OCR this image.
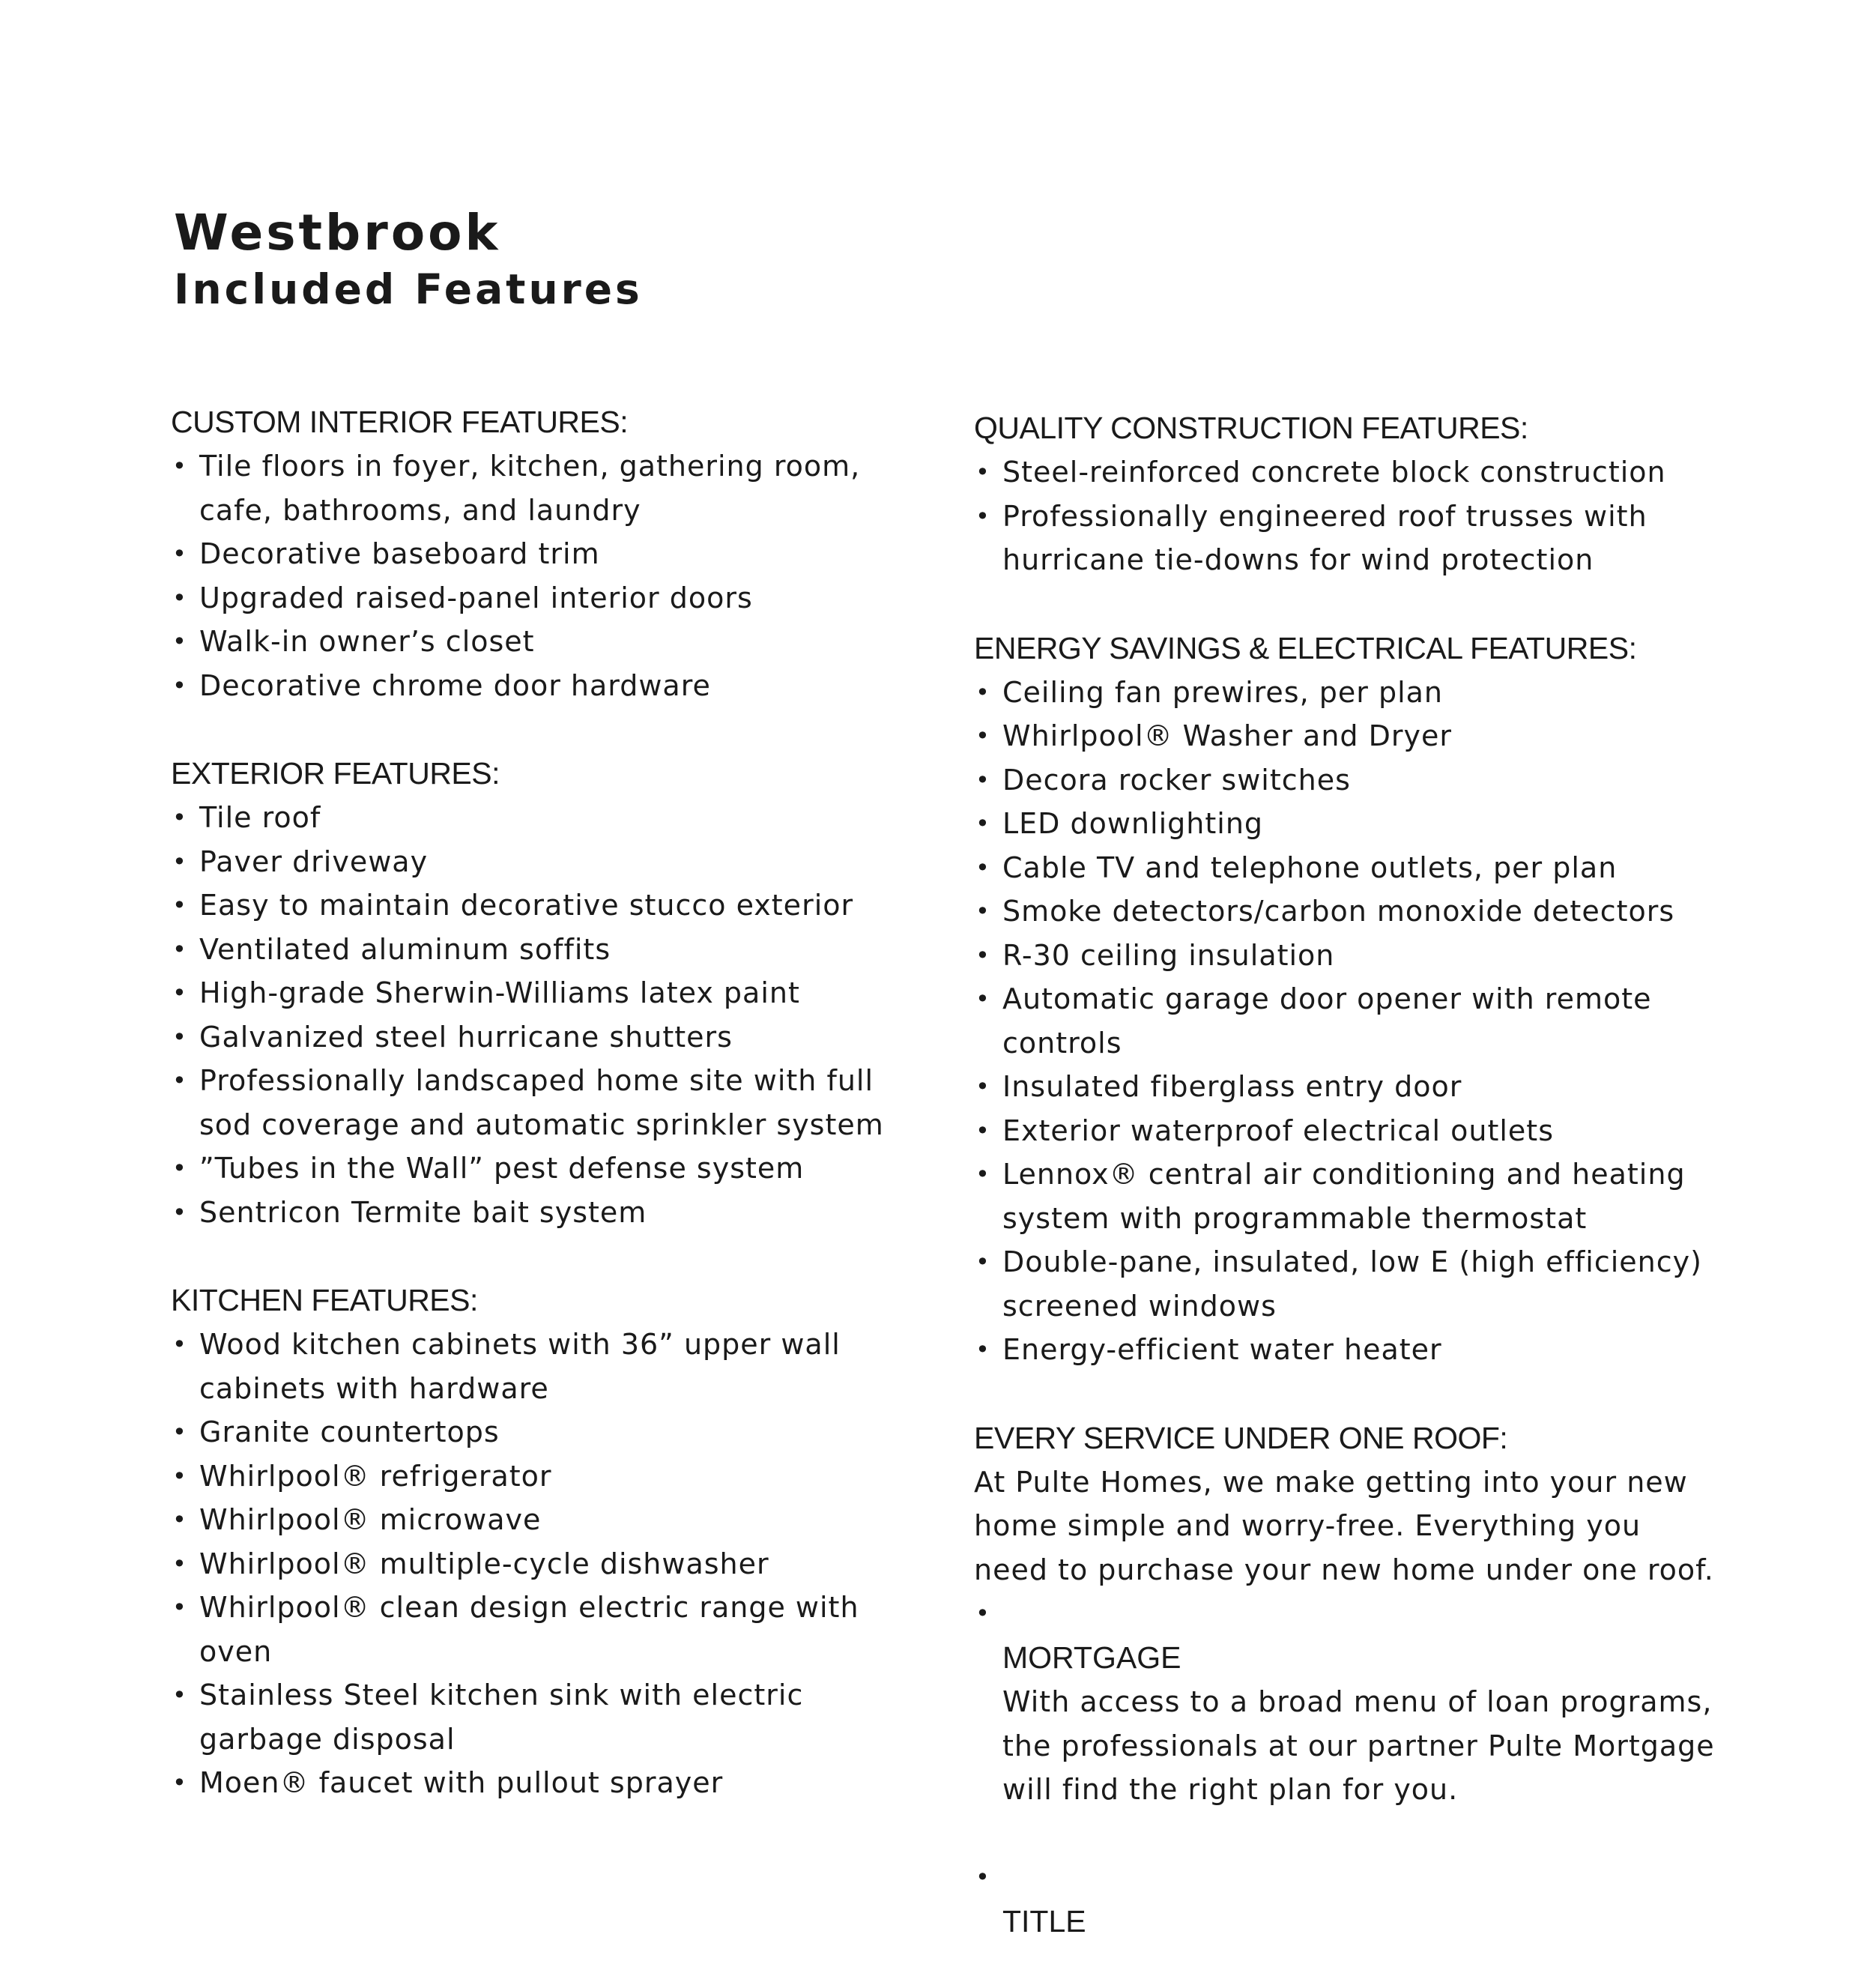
Westbrook
Included Features

CUSTOM INTERIOR FEATURES:

• Tile floors in foyer, kitchen, gathering room,
cafe, bathrooms, and laundry
• Decorative baseboard trim
• Upgraded raised-panel interior doors
• Walk-in owner’s closet
• Decorative chrome door hardware

EXTERIOR FEATURES:

• Tile roof
• Paver driveway
• Easy to maintain decorative stucco exterior
• Ventilated aluminum soffits
• High-grade Sherwin-Williams latex paint
• Galvanized steel hurricane shutters
• Professionally landscaped home site with full
sod coverage and automatic sprinkler system
• ”Tubes in the Wall” pest defense system
• Sentricon Termite bait system

KITCHEN FEATURES:

• Wood kitchen cabinets with 36” upper wall
cabinets with hardware
• Granite countertops
• Whirlpool® refrigerator
• Whirlpool® microwave
• Whirlpool® multiple-cycle dishwasher
• Whirlpool® clean design electric range with
oven
• Stainless Steel kitchen sink with electric
garbage disposal
• Moen® faucet with pullout sprayer

QUALITY CONSTRUCTION FEATURES:

• Steel-reinforced concrete block construction
• Professionally engineered roof trusses with
hurricane tie-downs for wind protection

ENERGY SAVINGS & ELECTRICAL FEATURES:

• Ceiling fan prewires, per plan
• Whirlpool® Washer and Dryer
• Decora rocker switches
• LED downlighting
• Cable TV and telephone outlets, per plan
• Smoke detectors/carbon monoxide detectors
• R-30 ceiling insulation
• Automatic garage door opener with remote
controls
• Insulated fiberglass entry door
• Exterior waterproof electrical outlets
• Lennox® central air conditioning and heating
system with programmable thermostat
• Double-pane, insulated, low E (high efficiency)
screened windows
• Energy-efficient water heater

EVERY SERVICE UNDER ONE ROOF:

At Pulte Homes, we make getting into your new
home simple and worry-free. Everything you
need to purchase your new home under one roof.

• MORTGAGE

With access to a broad menu of loan programs,
the professionals at our partner Pulte Mortgage
will find the right plan for you.

• TITLE
